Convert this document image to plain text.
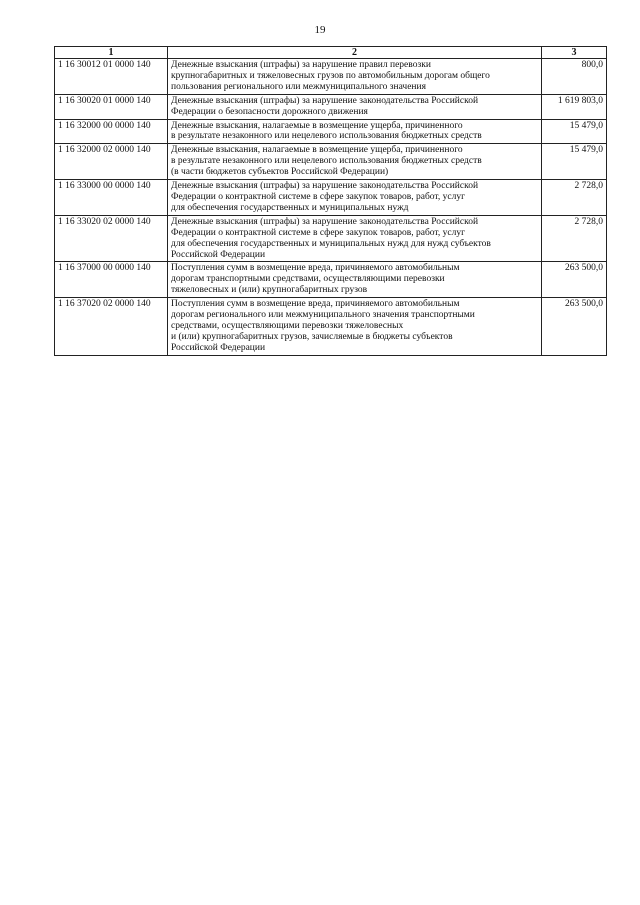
19
1	2	3
1 16 30012 01 0000 140	Денежные взыскания (штрафы) за нарушение правил перевозки
крупногабаритных и тяжеловесных грузов по автомобильным дорогам общего
пользования регионального или межмуниципального значения	800,0
1 16 30020 01 0000 140	Денежные взыскания (штрафы) за нарушение законодательства Российской
Федерации о безопасности дорожного движения	1 619 803,0
1 16 32000 00 0000 140	Денежные взыскания, налагаемые в возмещение ущерба, причиненного
в результате незаконного или нецелевого использования бюджетных средств	15 479,0
1 16 32000 02 0000 140	Денежные взыскания, налагаемые в возмещение ущерба, причиненного
в результате незаконного или нецелевого использования бюджетных средств
(в части бюджетов субъектов Российской Федерации)	15 479,0
1 16 33000 00 0000 140	Денежные взыскания (штрафы) за нарушение законодательства Российской
Федерации о контрактной системе в сфере закупок товаров, работ, услуг
для обеспечения государственных и муниципальных нужд	2 728,0
1 16 33020 02 0000 140	Денежные взыскания (штрафы) за нарушение законодательства Российской
Федерации о контрактной системе в сфере закупок товаров, работ, услуг
для обеспечения государственных и муниципальных нужд для нужд субъектов
Российской Федерации	2 728,0
1 16 37000 00 0000 140	Поступления сумм в возмещение вреда, причиняемого автомобильным
дорогам транспортными средствами, осуществляющими перевозки
тяжеловесных и (или) крупногабаритных грузов	263 500,0
1 16 37020 02 0000 140	Поступления сумм в возмещение вреда, причиняемого автомобильным
дорогам регионального или межмуниципального значения транспортными
средствами, осуществляющими перевозки тяжеловесных
и (или) крупногабаритных грузов, зачисляемые в бюджеты субъектов
Российской Федерации	263 500,0
